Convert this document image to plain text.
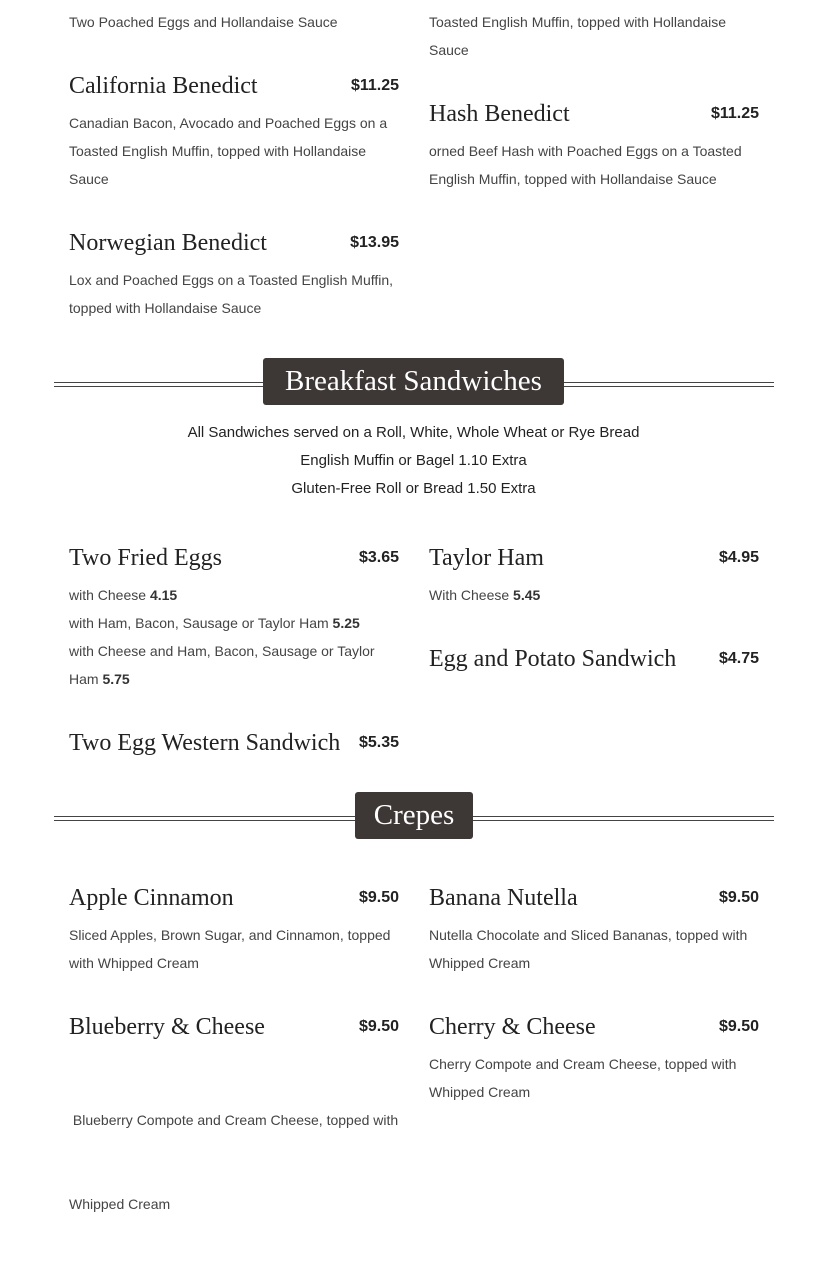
Two Poached Eggs and Hollandaise Sauce	Toasted English Muffin, topped with Hollandaise
Sauce
California Benedict	$11.25
Canadian Bacon, Avocado and Poached Eggs on a
Toasted English Muffin, topped with Hollandaise
Sauce
Hash Benedict	$11.25
orned Beef Hash with Poached Eggs on a Toasted
English Muffin, topped with Hollandaise Sauce
Norwegian Benedict	$13.95
Lox and Poached Eggs on a Toasted English Muffin,
topped with Hollandaise Sauce
Breakfast Sandwiches
All Sandwiches served on a Roll, White, Whole Wheat or Rye Bread
English Muffin or Bagel 1.10 Extra
Gluten-Free Roll or Bread 1.50 Extra
Two Fried Eggs	$3.65
with Cheese 4.15
with Ham, Bacon, Sausage or Taylor Ham 5.25
with Cheese and Ham, Bacon, Sausage or Taylor Ham 5.75
Taylor Ham	$4.95
With Cheese 5.45
Egg and Potato Sandwich	$4.75
Two Egg Western Sandwich $5.35
Crepes
Apple Cinnamon	$9.50
Sliced Apples, Brown Sugar, and Cinnamon, topped
with Whipped Cream
Banana Nutella	$9.50
Nutella Chocolate and Sliced Bananas, topped with
Whipped Cream
Blueberry & Cheese	$9.50

Blueberry Compote and Cream Cheese, topped with

Whipped Cream

Cherry & Cheese	$9.50
Cherry Compote and Cream Cheese, topped with
Whipped Cream
